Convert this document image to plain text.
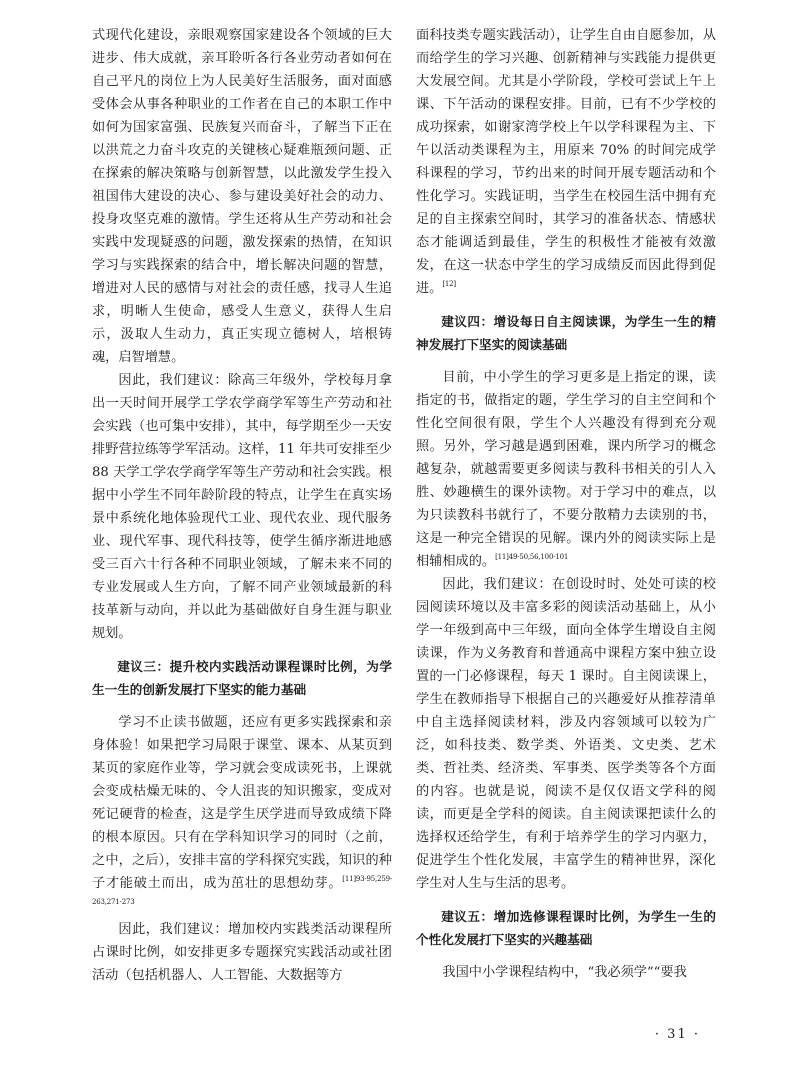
式现代化建设，亲眼观察国家建设各个领域的巨大进步、伟大成就，亲耳聆听各行各业劳动者如何在自己平凡的岗位上为人民美好生活服务，面对面感受体会从事各种职业的工作者在自己的本职工作中如何为国家富强、民族复兴而奋斗，了解当下正在以洪荒之力奋斗攻克的关键核心疑难瓶颈问题、正在探索的解决策略与创新智慧，以此激发学生投入祖国伟大建设的决心、参与建设美好社会的动力、投身攻坚克难的激情。学生还将从生产劳动和社会实践中发现疑惑的问题，激发探索的热情，在知识学习与实践探索的结合中，增长解决问题的智慧，增进对人民的感情与对社会的责任感，找寻人生追求，明晰人生使命，感受人生意义，获得人生启示，汲取人生动力，真正实现立德树人，培根铸魂，启智增慧。

因此，我们建议：除高三年级外，学校每月拿出一天时间开展学工学农学商学军等生产劳动和社会实践（也可集中安排），其中，每学期至少一天安排野营拉练等学军活动。这样，11 年共可安排至少 88 天学工学农学商学军等生产劳动和社会实践。根据中小学生不同年龄阶段的特点，让学生在真实场景中系统化地体验现代工业、现代农业、现代服务业、现代军事、现代科技等，使学生循序渐进地感受三百六十行各种不同职业领域，了解未来不同的专业发展或人生方向，了解不同产业领域最新的科技革新与动向，并以此为基础做好自身生涯与职业规划。

建议三：提升校内实践活动课程课时比例，为学生一生的创新发展打下坚实的能力基础

学习不止读书做题，还应有更多实践探索和亲身体验！如果把学习局限于课堂、课本、从某页到某页的家庭作业等，学习就会变成读死书，上课就会变成枯燥无味的、令人沮丧的知识搬家，变成对死记硬背的检查，这是学生厌学进而导致成绩下降的根本原因。只有在学科知识学习的同时（之前，之中，之后），安排丰富的学科探究实践，知识的种子才能破土而出，成为茁壮的思想幼芽。$^{[11]93-95,259-263,271-273}$

因此，我们建议：增加校内实践类活动课程所占课时比例，如安排更多专题探究实践活动或社团活动（包括机器人、人工智能、大数据等方

面科技类专题实践活动），让学生自由自愿参加，从而给学生的学习兴趣、创新精神与实践能力提供更大发展空间。尤其是小学阶段，学校可尝试上午上课、下午活动的课程安排。目前，已有不少学校的成功探索，如谢家湾学校上午以学科课程为主、下午以活动类课程为主，用原来 70% 的时间完成学科课程的学习，节约出来的时间开展专题活动和个性化学习。实践证明，当学生在校园生活中拥有充足的自主探索空间时，其学习的准备状态、情感状态才能调适到最佳，学生的积极性才能被有效激发，在这一状态中学生的学习成绩反而因此得到促进。[12]

建议四：增设每日自主阅读课，为学生一生的精神发展打下坚实的阅读基础

目前，中小学生的学习更多是上指定的课，读指定的书，做指定的题，学生学习的自主空间和个性化空间很有限，学生个人兴趣没有得到充分观照。另外，学习越是遇到困难，课内所学习的概念越复杂，就越需要更多阅读与教科书相关的引人入胜、妙趣横生的课外读物。对于学习中的难点，以为只读教科书就行了，不要分散精力去读别的书，这是一种完全错误的见解。课内外的阅读实际上是相辅相成的。$^{[11]49-50,56,100-101}$

因此，我们建议：在创设时时、处处可读的校园阅读环境以及丰富多彩的阅读活动基础上，从小学一年级到高中三年级，面向全体学生增设自主阅读课，作为义务教育和普通高中课程方案中独立设置的一门必修课程，每天 1 课时。自主阅读课上，学生在教师指导下根据自己的兴趣爱好从推荐清单中自主选择阅读材料，涉及内容领域可以较为广泛，如科技类、数学类、外语类、文史类、艺术类、哲社类、经济类、军事类、医学类等各个方面的内容。也就是说，阅读不是仅仅语文学科的阅读，而更是全学科的阅读。自主阅读课把读什么的选择权还给学生，有利于培养学生的学习内驱力，促进学生个性化发展，丰富学生的精神世界，深化学生对人生与生活的思考。

建议五：增加选修课程课时比例，为学生一生的个性化发展打下坚实的兴趣基础

我国中小学课程结构中，“我必须学”“要我

· 31 ·
